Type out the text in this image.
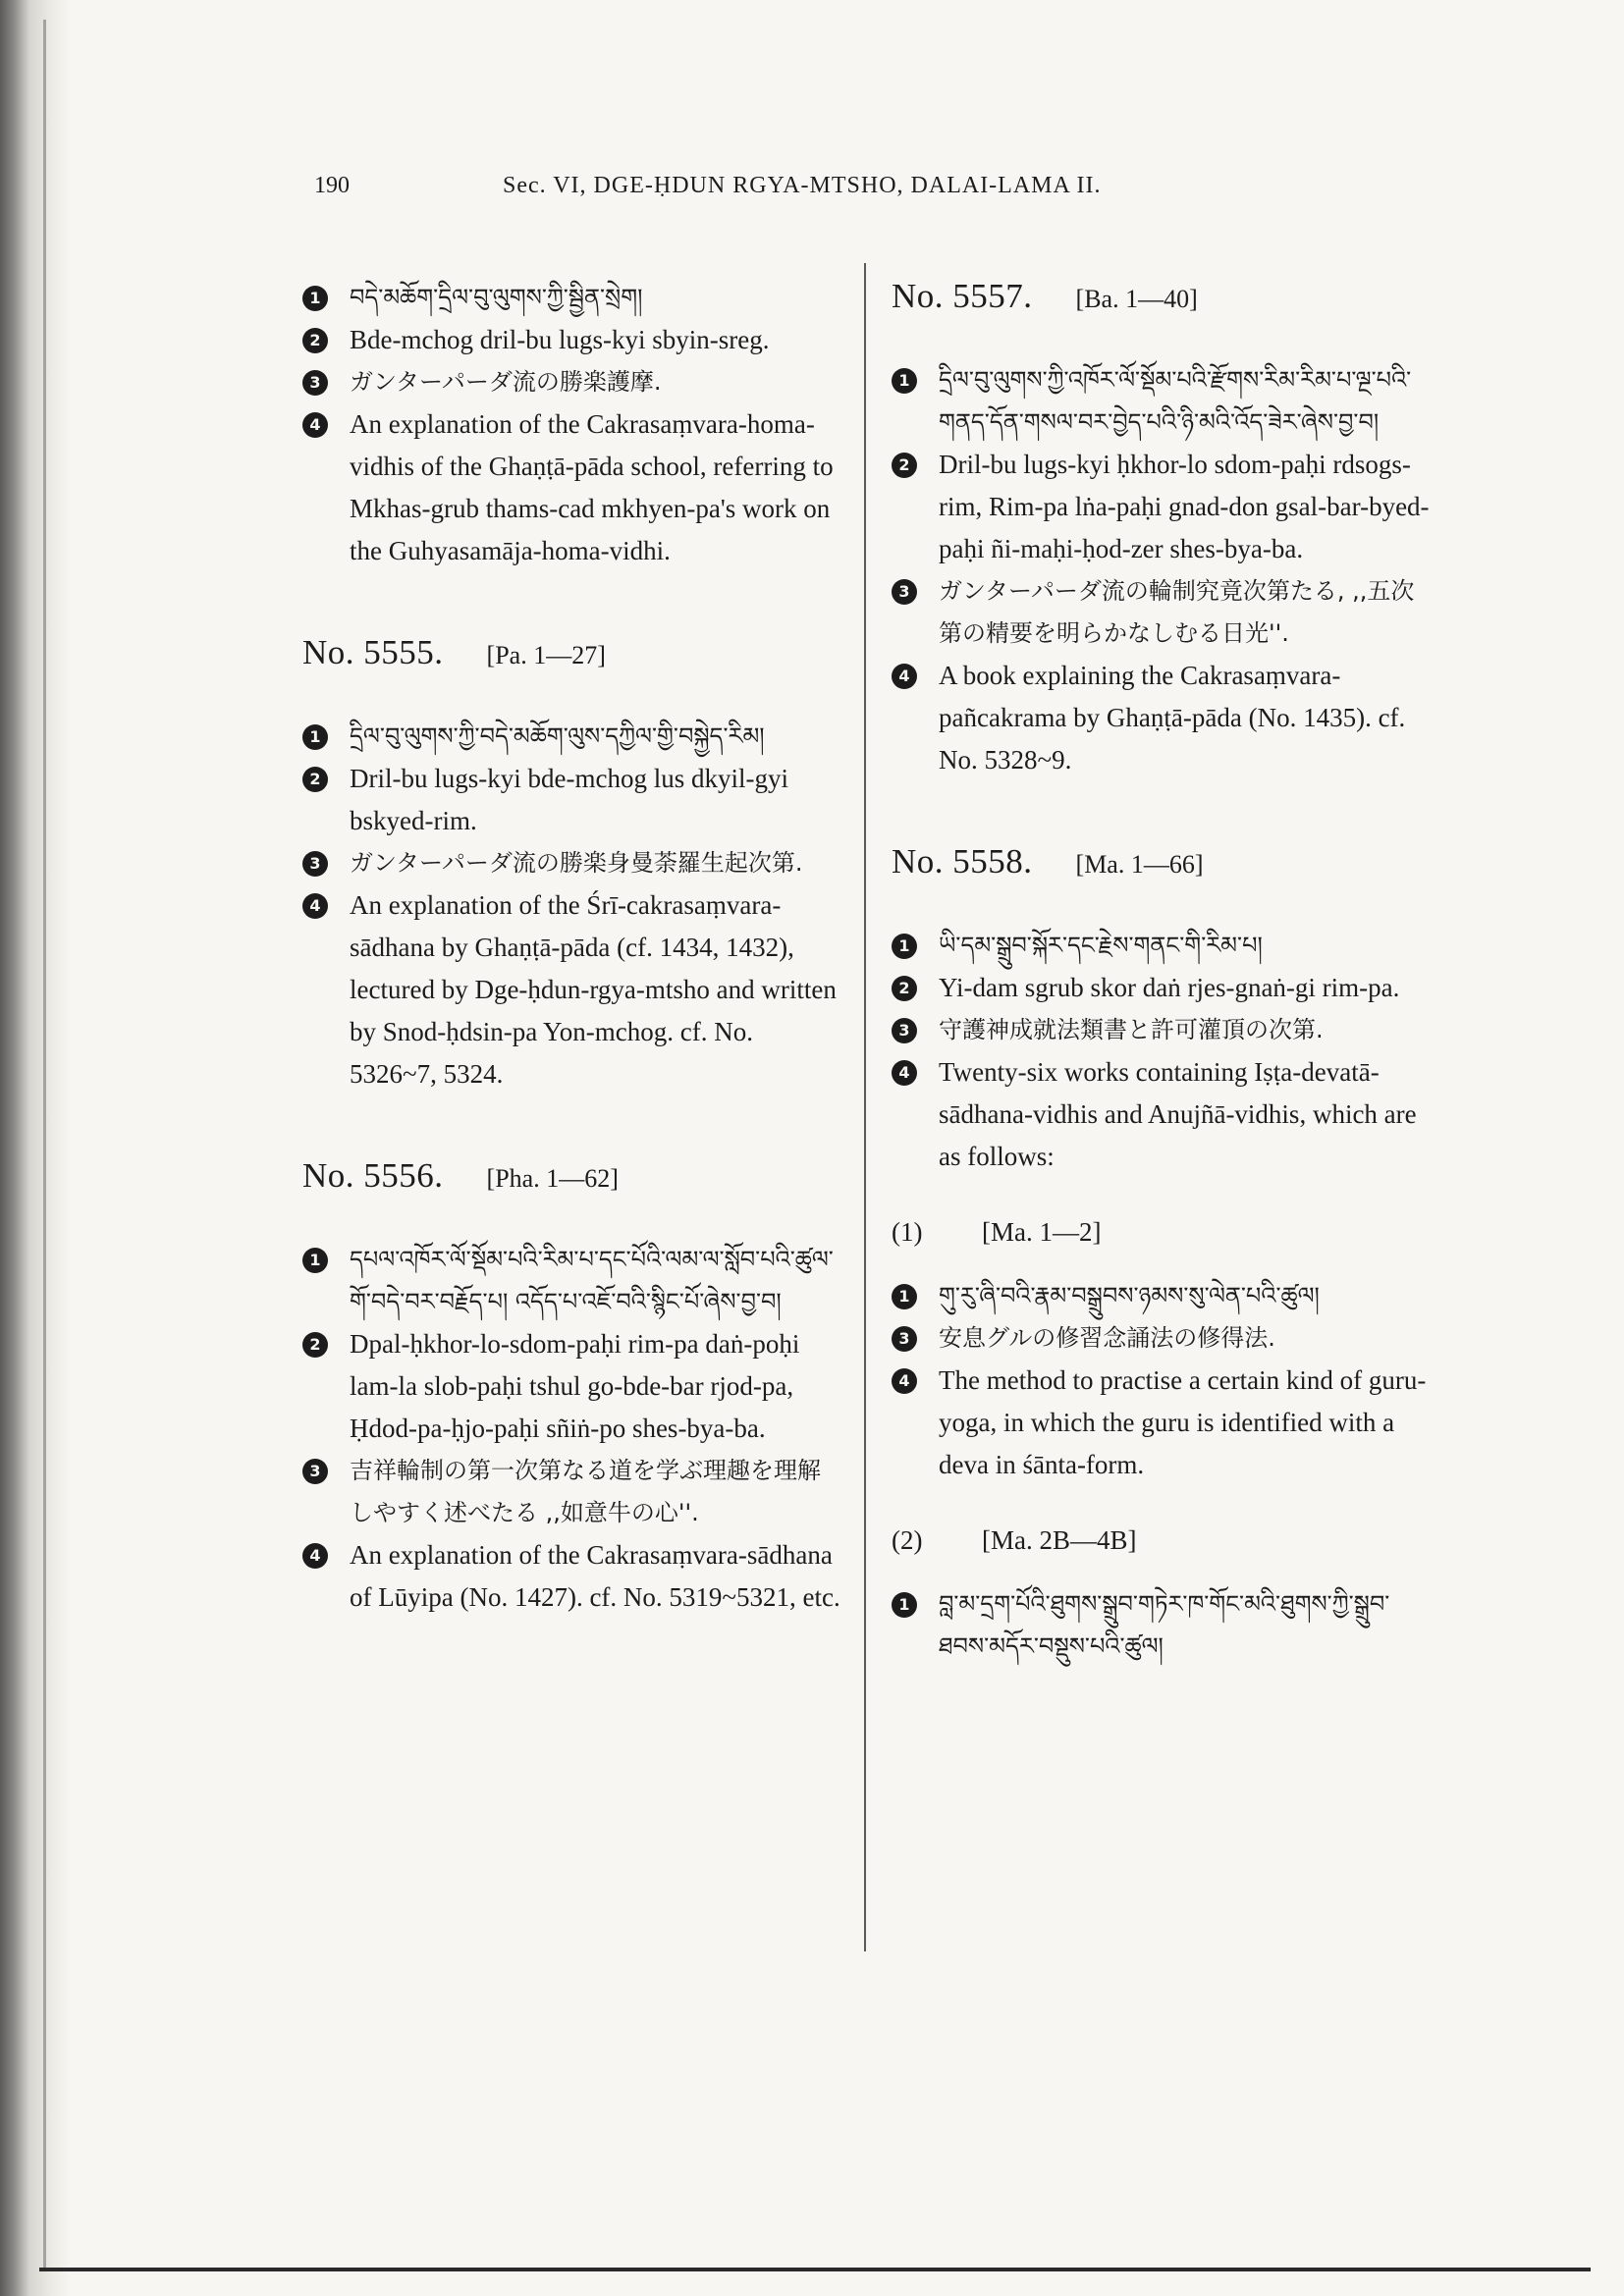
190	Sec. VI, DGE-ḤDUN RGYA-MTSHO, DALAI-LAMA II.
1	བདེ་མཆོག་དྲིལ་བུ་ལུགས་ཀྱི་སྦྱིན་སྲེག།
2 Bde-mchog dril-bu lugs-kyi sbyin-sreg.
3	ガンターパーダ流の勝楽護摩.
4 An explanation of the Cakrasaṃvara-homa-vidhis of the Ghaṇṭā-pāda school, referring to Mkhas-grub thams-cad mkhyen-pa's work on the Guhyasamāja-homa-vidhi.
No. 5555. [Pa. 1—27]
1	དྲིལ་བུ་ལུགས་ཀྱི་བདེ་མཆོག་ལུས་དཀྱིལ་གྱི་བསྐྱེད་རིམ།
2 Dril-bu lugs-kyi bde-mchog lus dkyil-gyi bskyed-rim.
3	ガンターパーダ流の勝楽身曼荼羅生起次第.
4 An explanation of the Śrī-cakrasaṃvara-sādhana by Ghaṇṭā-pāda (cf. 1434, 1432), lectured by Dge-ḥdun-rgya-mtsho and written by Snod-ḥdsin-pa Yon-mchog. cf. No. 5326~7, 5324.
No. 5556. [Pha. 1—62]
1	དཔལ་འཁོར་ལོ་སྡོམ་པའི་རིམ་པ་དང་པོའི་ལམ་ལ་སློབ་པའི་ཚུལ་གོ་བདེ་བར་བརྗོད་པ། འདོད་པ་འཇོ་བའི་སྙིང་པོ་ཞེས་བྱ་བ།
2 Dpal-ḥkhor-lo-sdom-paḥi rim-pa daṅ-poḥi lam-la slob-paḥi tshul go-bde-bar rjod-pa, Ḥdod-pa-ḥjo-paḥi sñiṅ-po shes-bya-ba.
3	吉祥輪制の第一次第なる道を学ぶ理趣を理解しやすく述べたる ,,如意牛の心''.
4 An explanation of the Cakrasaṃvara-sādhana of Lūyipa (No. 1427). cf. No. 5319~5321, etc.
No. 5557. [Ba. 1—40]
1	དྲིལ་བུ་ལུགས་ཀྱི་འཁོར་ལོ་སྡོམ་པའི་རྫོགས་རིམ་རིམ་པ་ལྔ་པའི་གནད་དོན་གསལ་བར་བྱེད་པའི་ཉི་མའི་འོད་ཟེར་ཞེས་བྱ་བ།
2 Dril-bu lugs-kyi ḥkhor-lo sdom-paḥi rdsogs-rim, Rim-pa lṅa-paḥi gnad-don gsal-bar-byed-paḥi ñi-maḥi-ḥod-zer shes-bya-ba.
3	ガンターパーダ流の輪制究竟次第たる, ,,五次第の精要を明らかなしむる日光''.
4 A book explaining the Cakrasaṃvara-pañcakrama by Ghaṇṭā-pāda (No. 1435). cf. No. 5328~9.
No. 5558. [Ma. 1—66]
1	ཡི་དམ་སྒྲུབ་སྐོར་དང་རྗེས་གནང་གི་རིམ་པ།
2 Yi-dam sgrub skor daṅ rjes-gnaṅ-gi rim-pa.
3	守護神成就法類書と許可灌頂の次第.
4 Twenty-six works containing Iṣṭa-devatā-sādhana-vidhis and Anujñā-vidhis, which are as follows:
(1)	[Ma. 1—2]
1	གུ་རུ་ཞི་བའི་རྣམ་བསྒྲུབས་ཉམས་སུ་ལེན་པའི་ཚུལ།
3	安息グルの修習念誦法の修得法.
4 The method to practise a certain kind of guru-yoga, in which the guru is identified with a deva in śānta-form.
(2)	[Ma. 2B—4B]
1	བླ་མ་དྲག་པོའི་ཐུགས་སྒྲུབ་གཏེར་ཁ་གོང་མའི་ཐུགས་ཀྱི་སྒྲུབ་ཐབས་མདོར་བསྡུས་པའི་ཚུལ།
